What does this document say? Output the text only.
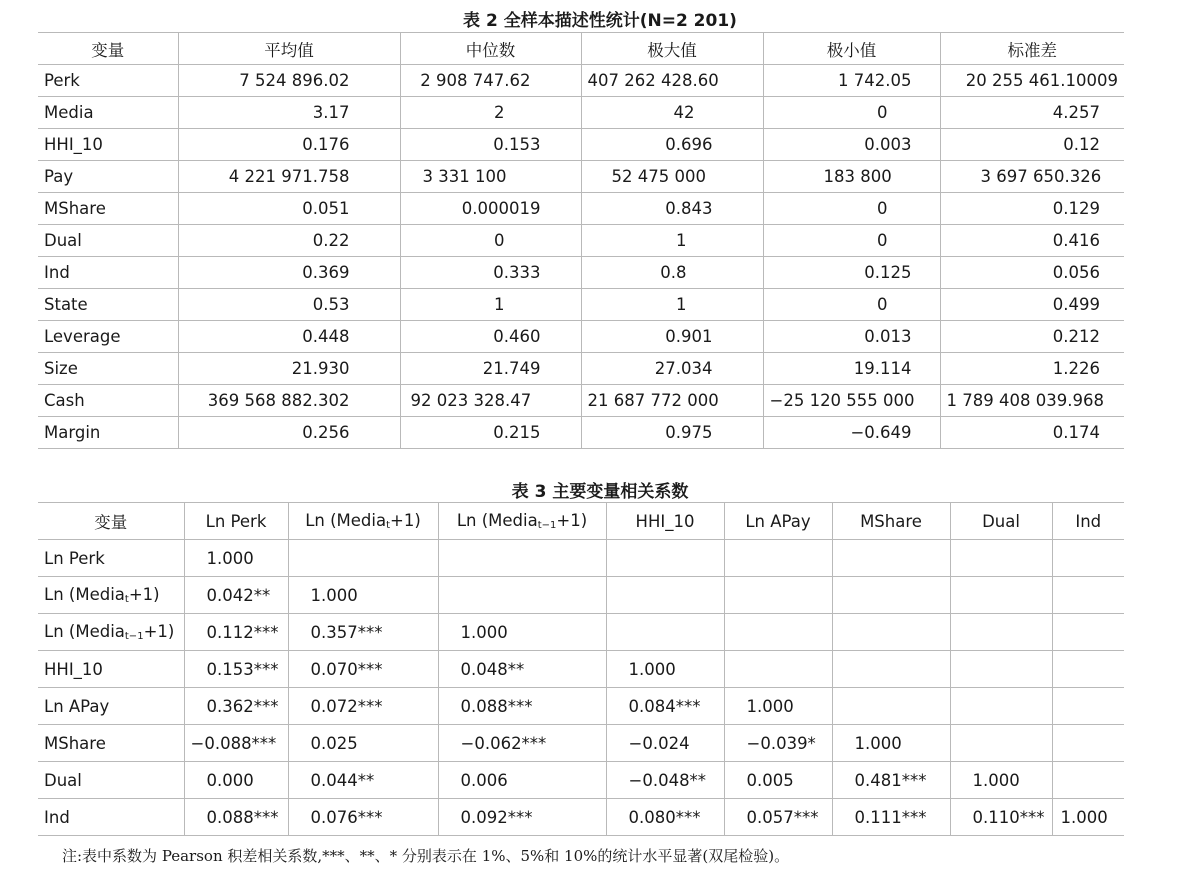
表 2 全样本描述性统计(N=2 201)
变量	平均值	中位数	极大值	极小值	标准差
Perk	7 524 896.02	2 908 747.62	407 262 428.60	1 742.05	20 255 461.10009
Media	3.17	2	42	0	4.257
HHI_10	0.176	0.153	0.696	0.003	0.12
Pay	4 221 971.758	3 331 100	52 475 000	183 800	3 697 650.326
MShare	0.051	0.000019	0.843	0	0.129
Dual	0.22	0	1	0	0.416
Ind	0.369	0.333	0.8	0.125	0.056
State	0.53	1	1	0	0.499
Leverage	0.448	0.460	0.901	0.013	0.212
Size	21.930	21.749	27.034	19.114	1.226
Cash	369 568 882.302	92 023 328.47	21 687 772 000	−25 120 555 000	1 789 408 039.968
Margin	0.256	0.215	0.975	−0.649	0.174
表 3 主要变量相关系数
变量	Ln Perk	Ln (Media$_t$+1)	Ln (Media$_{t-1}$+1)	HHI_10	Ln APay	MShare	Dual	Ind
Ln Perk	1.000							
Ln (Media$_t$+1)	0.042**	1.000						
Ln (Media$_{t-1}$+1)	0.112***	0.357***	1.000					
HHI_10	0.153***	0.070***	0.048**	1.000				
Ln APay	0.362***	0.072***	0.088***	0.084***	1.000			
MShare	−0.088***	0.025	−0.062***	−0.024	−0.039*	1.000		
Dual	0.000	0.044**	0.006	−0.048**	0.005	0.481***	1.000	
Ind	0.088***	0.076***	0.092***	0.080***	0.057***	0.111***	0.110***	1.000
注:表中系数为 Pearson 积差相关系数,***、**、* 分别表示在 1%、5%和 10%的统计水平显著(双尾检验)。
